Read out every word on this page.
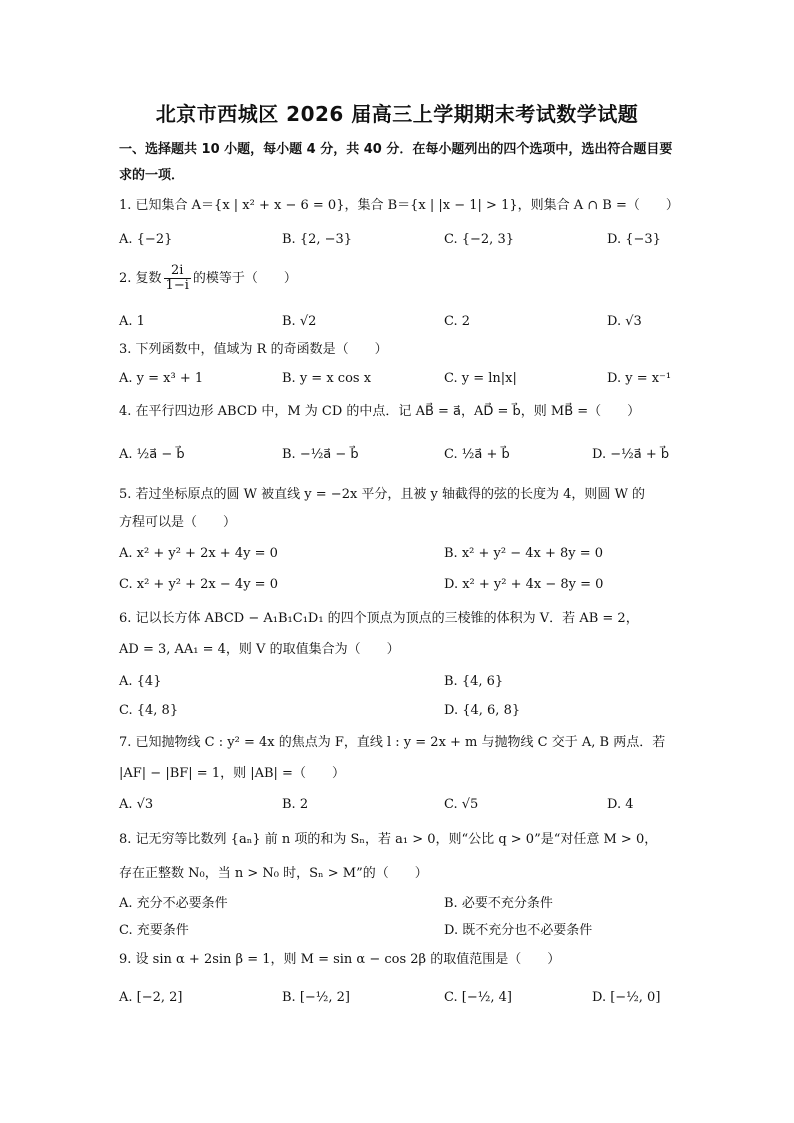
北京市西城区 2026 届高三上学期期末考试数学试题
一、选择题共 10 小题，每小题 4 分，共 40 分．在每小题列出的四个选项中，选出符合题目要求的一项．
1. 已知集合 A＝{x | x² + x − 6 = 0}，集合 B＝{x | |x − 1| > 1}，则集合 A ∩ B =（　　）
A. {−2}	B. {2, −3}	C. {−2, 3}	D. {−3}
2. 复数 $\frac{2i}{1-i}$ 的模等于（　　）
A. 1	B. √2	C. 2	D. √3
3. 下列函数中，值域为 R 的奇函数是（　　）
A. y = x³ + 1	B. y = x cos x	C. y = ln|x|	D. y = x⁻¹
4. 在平行四边形 ABCD 中，M 为 CD 的中点．记 AB⃗ = a⃗，AD⃗ = b⃗，则 MB⃗ =（　　）
A. ½a⃗ − b⃗	B. −½a⃗ − b⃗	C. ½a⃗ + b⃗	D. −½a⃗ + b⃗
5. 若过坐标原点的圆 W 被直线 y = −2x 平分，且被 y 轴截得的弦的长度为 4，则圆 W 的
方程可以是（　　）
A. x² + y² + 2x + 4y = 0	B. x² + y² − 4x + 8y = 0
C. x² + y² + 2x − 4y = 0	D. x² + y² + 4x − 8y = 0
6. 记以长方体 ABCD − A₁B₁C₁D₁ 的四个顶点为顶点的三棱锥的体积为 V．若 AB = 2，
AD = 3, AA₁ = 4，则 V 的取值集合为（　　）
A. {4}	B. {4, 6}
C. {4, 8}	D. {4, 6, 8}
7. 已知抛物线 C : y² = 4x 的焦点为 F，直线 l : y = 2x + m 与抛物线 C 交于 A, B 两点．若
|AF| − |BF| = 1，则 |AB| =（　　）
A. √3	B. 2	C. √5	D. 4
8. 记无穷等比数列 {aₙ} 前 n 项的和为 Sₙ，若 a₁ > 0，则“公比 q > 0”是“对任意 M > 0，
存在正整数 N₀，当 n > N₀ 时，Sₙ > M”的（　　）
A. 充分不必要条件	B. 必要不充分条件
C. 充要条件	D. 既不充分也不必要条件
9. 设 sin α + 2sin β = 1，则 M = sin α − cos 2β 的取值范围是（　　）
A. [−2, 2]	B. [−½, 2]	C. [−½, 4]	D. [−½, 0]
